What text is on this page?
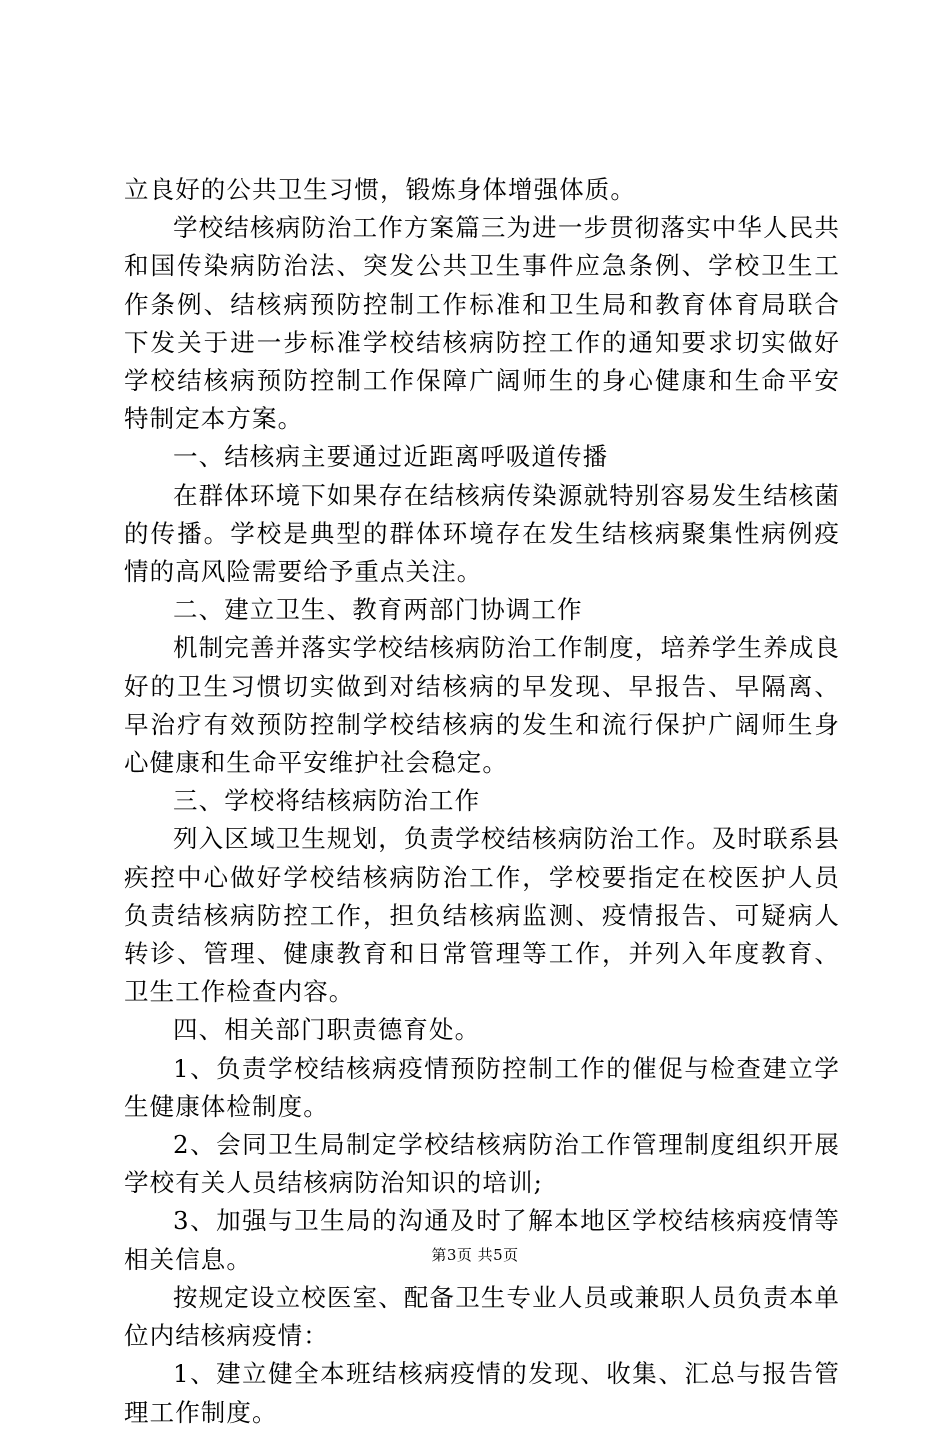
立良好的公共卫生习惯，锻炼身体增强体质。

学校结核病防治工作方案篇三为进一步贯彻落实中华人民共和国传染病防治法、突发公共卫生事件应急条例、学校卫生工作条例、结核病预防控制工作标准和卫生局和教育体育局联合下发关于进一步标准学校结核病防控工作的通知要求切实做好学校结核病预防控制工作保障广阔师生的身心健康和生命平安特制定本方案。

一、结核病主要通过近距离呼吸道传播

在群体环境下如果存在结核病传染源就特别容易发生结核菌的传播。学校是典型的群体环境存在发生结核病聚集性病例疫情的高风险需要给予重点关注。

二、建立卫生、教育两部门协调工作

机制完善并落实学校结核病防治工作制度，培养学生养成良好的卫生习惯切实做到对结核病的早发现、早报告、早隔离、早治疗有效预防控制学校结核病的发生和流行保护广阔师生身心健康和生命平安维护社会稳定。

三、学校将结核病防治工作

列入区域卫生规划，负责学校结核病防治工作。及时联系县疾控中心做好学校结核病防治工作，学校要指定在校医护人员负责结核病防控工作，担负结核病监测、疫情报告、可疑病人转诊、管理、健康教育和日常管理等工作，并列入年度教育、卫生工作检查内容。

四、相关部门职责德育处。

1、负责学校结核病疫情预防控制工作的催促与检查建立学生健康体检制度。

2、会同卫生局制定学校结核病防治工作管理制度组织开展学校有关人员结核病防治知识的培训;

3、加强与卫生局的沟通及时了解本地区学校结核病疫情等相关信息。

按规定设立校医室、配备卫生专业人员或兼职人员负责本单位内结核病疫情：

1、建立健全本班结核病疫情的发现、收集、汇总与报告管理工作制度。

第3页 共5页
